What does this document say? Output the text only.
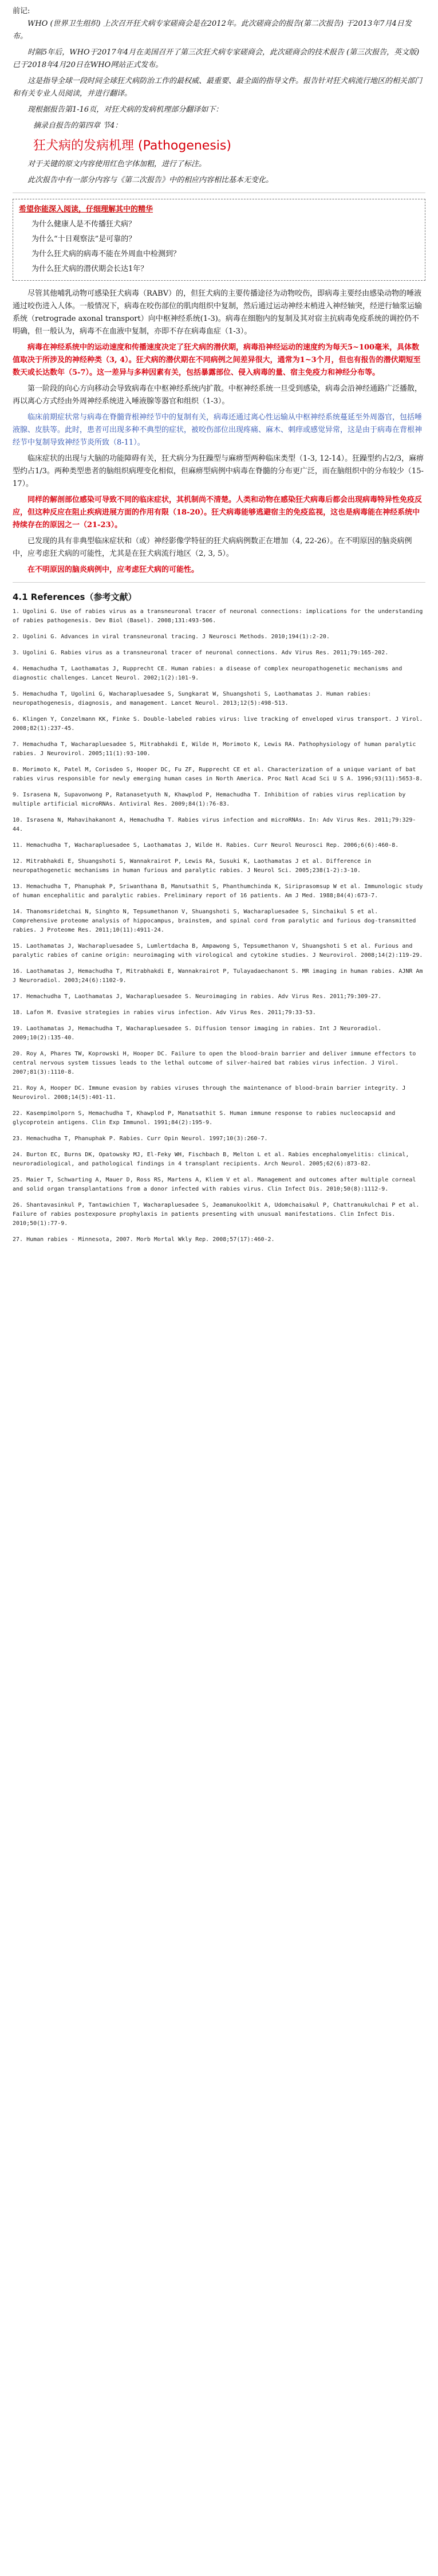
前记:

WHO (世界卫生组织) 上次召开狂犬病专家磋商会是在2012年。此次磋商会的报告(第二次报告) 于2013年7月4日发布。

时隔5年后，WHO于2017年4月在美国召开了第三次狂犬病专家磋商会，此次磋商会的技术报告 (第三次报告，英文版) 已于2018年4月20日在WHO网站正式发布。

这是指导全球一段时间全球狂犬病防治工作的最权威、最重要、最全面的指导文件。报告针对狂犬病流行地区的相关部门和有关专业人员阅读，并进行翻译。

现根据报告第1-16页，对狂犬病的发病机理部分翻译如下：

摘录自报告的第四章 节4：

狂犬病的发病机理 (Pathogenesis)

对于关键的原文内容使用红色字体加粗，进行了标注。

此次报告中有一部分内容与《第二次报告》中的相应内容相比基本无变化。

希望你能深入阅读，仔细理解其中的精华
为什么健康人是不传播狂犬病？
为什么“十日观察法”是可靠的？
为什么狂犬病的病毒不能在外周血中检测到？
为什么狂犬病的潜伏期会长达1年？

尽管其他哺乳动物可感染狂犬病毒（RABV）的，但狂犬病的主要传播途径为动物咬伤，即病毒主要经由感染动物的唾液通过咬伤进入人体。一般情况下，病毒在咬伤部位的肌肉组织中复制，然后通过运动神经末梢进入神经轴突，经逆行轴浆运输系统（retrograde axonal transport）向中枢神经系统(1-3)。病毒在细胞内的复制及其对宿主抗病毒免疫系统的调控仍不明确，但一般认为，病毒不在血液中复制，亦即不存在病毒血症（1-3）。

病毒在神经系统中的运动速度和传播速度决定了狂犬病的潜伏期，病毒沿神经运动的速度约为每天5~100毫米，具体数值取决于所涉及的神经种类（3, 4）。狂犬病的潜伏期在不同病例之间差异很大，通常为1~3个月，但也有报告的潜伏期短至数天或长达数年（5-7）。这一差异与多种因素有关，包括暴露部位、侵入病毒的量、宿主免疫力和神经分布等。

第一阶段的向心方向移动会导致病毒在中枢神经系统内扩散。中枢神经系统一旦受到感染，病毒会沿神经通路广泛播散，再以离心方式经由外周神经系统进入唾液腺等器官和组织（1-3）。

临床前期症状常与病毒在脊髓背根神经节中的复制有关，病毒还通过离心性运输从中枢神经系统蔓延至外周器官，包括唾液腺、皮肤等。此时，患者可出现多种不典型的症状，被咬伤部位出现疼痛、麻木、刺痒或感觉异常，这是由于病毒在背根神经节中复制导致神经节炎所致（8-11）。

临床症状的出现与大脑的功能障碍有关，狂犬病分为狂躁型与麻痹型两种临床类型（1-3, 12-14）。狂躁型约占2/3，麻痹型约占1/3。两种类型患者的脑组织病理变化相似，但麻痹型病例中病毒在脊髓的分布更广泛，而在脑组织中的分布较少（15-17）。

同样的解剖部位感染可导致不同的临床症状，其机制尚不清楚。人类和动物在感染狂犬病毒后都会出现病毒特异性免疫反应，但这种反应在阻止疾病进展方面的作用有限（18-20）。狂犬病毒能够逃避宿主的免疫监视，这也是病毒能在神经系统中持续存在的原因之一（21-23）。

已发现的具有非典型临床症状和（或）神经影像学特征的狂犬病病例数正在增加（4, 22-26）。在不明原因的脑炎病例中，应考虑狂犬病的可能性，尤其是在狂犬病流行地区（2, 3, 5）。

在不明原因的脑炎病例中，应考虑狂犬病的可能性。

4.1 References（参考文献）
1. Ugolini G. Use of rabies virus as a transneuronal tracer of neuronal connections: implications for the understanding of rabies pathogenesis. Dev Biol (Basel). 2008;131:493-506.
2. Ugolini G. Advances in viral transneuronal tracing. J Neurosci Methods. 2010;194(1):2-20.
3. Ugolini G. Rabies virus as a transneuronal tracer of neuronal connections. Adv Virus Res. 2011;79:165-202.
4. Hemachudha T, Laothamatas J, Rupprecht CE. Human rabies: a disease of complex neuropathogenetic mechanisms and diagnostic challenges. Lancet Neurol. 2002;1(2):101-9.
5. Hemachudha T, Ugolini G, Wacharapluesadee S, Sungkarat W, Shuangshoti S, Laothamatas J. Human rabies: neuropathogenesis, diagnosis, and management. Lancet Neurol. 2013;12(5):498-513.
6. Klingen Y, Conzelmann KK, Finke S. Double-labeled rabies virus: live tracking of enveloped virus transport. J Virol. 2008;82(1):237-45.
7. Hemachudha T, Wacharapluesadee S, Mitrabhakdi E, Wilde H, Morimoto K, Lewis RA. Pathophysiology of human paralytic rabies. J Neurovirol. 2005;11(1):93-100.
8. Morimoto K, Patel M, Corisdeo S, Hooper DC, Fu ZF, Rupprecht CE et al. Characterization of a unique variant of bat rabies virus responsible for newly emerging human cases in North America. Proc Natl Acad Sci U S A. 1996;93(11):5653-8.
9. Israsena N, Supavonwong P, Ratanasetyuth N, Khawplod P, Hemachudha T. Inhibition of rabies virus replication by multiple artificial microRNAs. Antiviral Res. 2009;84(1):76-83.
10. Israsena N, Mahavihakanont A, Hemachudha T. Rabies virus infection and microRNAs. In: Adv Virus Res. 2011;79:329-44.
11. Hemachudha T, Wacharapluesadee S, Laothamatas J, Wilde H. Rabies. Curr Neurol Neurosci Rep. 2006;6(6):460-8.
12. Mitrabhakdi E, Shuangshoti S, Wannakrairot P, Lewis RA, Susuki K, Laothamatas J et al. Difference in neuropathogenetic mechanisms in human furious and paralytic rabies. J Neurol Sci. 2005;238(1-2):3-10.
13. Hemachudha T, Phanuphak P, Sriwanthana B, Manutsathit S, Phanthumchinda K, Siriprasomsup W et al. Immunologic study of human encephalitic and paralytic rabies. Preliminary report of 16 patients. Am J Med. 1988;84(4):673-7.
14. Thanomsridetchai N, Singhto N, Tepsumethanon V, Shuangshoti S, Wacharapluesadee S, Sinchaikul S et al. Comprehensive proteome analysis of hippocampus, brainstem, and spinal cord from paralytic and furious dog-transmitted rabies. J Proteome Res. 2011;10(11):4911-24.
15. Laothamatas J, Wacharapluesadee S, Lumlertdacha B, Ampawong S, Tepsumethanon V, Shuangshoti S et al. Furious and paralytic rabies of canine origin: neuroimaging with virological and cytokine studies. J Neurovirol. 2008;14(2):119-29.
16. Laothamatas J, Hemachudha T, Mitrabhakdi E, Wannakrairot P, Tulayadaechanont S. MR imaging in human rabies. AJNR Am J Neuroradiol. 2003;24(6):1102-9.
17. Hemachudha T, Laothamatas J, Wacharapluesadee S. Neuroimaging in rabies. Adv Virus Res. 2011;79:309-27.
18. Lafon M. Evasive strategies in rabies virus infection. Adv Virus Res. 2011;79:33-53.
19. Laothamatas J, Hemachudha T, Wacharapluesadee S. Diffusion tensor imaging in rabies. Int J Neuroradiol. 2009;10(2):135-40.
20. Roy A, Phares TW, Koprowski H, Hooper DC. Failure to open the blood-brain barrier and deliver immune effectors to central nervous system tissues leads to the lethal outcome of silver-haired bat rabies virus infection. J Virol. 2007;81(3):1110-8.
21. Roy A, Hooper DC. Immune evasion by rabies viruses through the maintenance of blood-brain barrier integrity. J Neurovirol. 2008;14(5):401-11.
22. Kasempimolporn S, Hemachudha T, Khawplod P, Manatsathit S. Human immune response to rabies nucleocapsid and glycoprotein antigens. Clin Exp Immunol. 1991;84(2):195-9.
23. Hemachudha T, Phanuphak P. Rabies. Curr Opin Neurol. 1997;10(3):260-7.
24. Burton EC, Burns DK, Opatowsky MJ, El-Feky WH, Fischbach B, Melton L et al. Rabies encephalomyelitis: clinical, neuroradiological, and pathological findings in 4 transplant recipients. Arch Neurol. 2005;62(6):873-82.
25. Maier T, Schwarting A, Mauer D, Ross RS, Martens A, Kliem V et al. Management and outcomes after multiple corneal and solid organ transplantations from a donor infected with rabies virus. Clin Infect Dis. 2010;50(8):1112-9.
26. Shantavasinkul P, Tantawichien T, Wacharapluesadee S, Jeamanukoolkit A, Udomchaisakul P, Chattranukulchai P et al. Failure of rabies postexposure prophylaxis in patients presenting with unusual manifestations. Clin Infect Dis. 2010;50(1):77-9.
27. Human rabies - Minnesota, 2007. Morb Mortal Wkly Rep. 2008;57(17):460-2.
